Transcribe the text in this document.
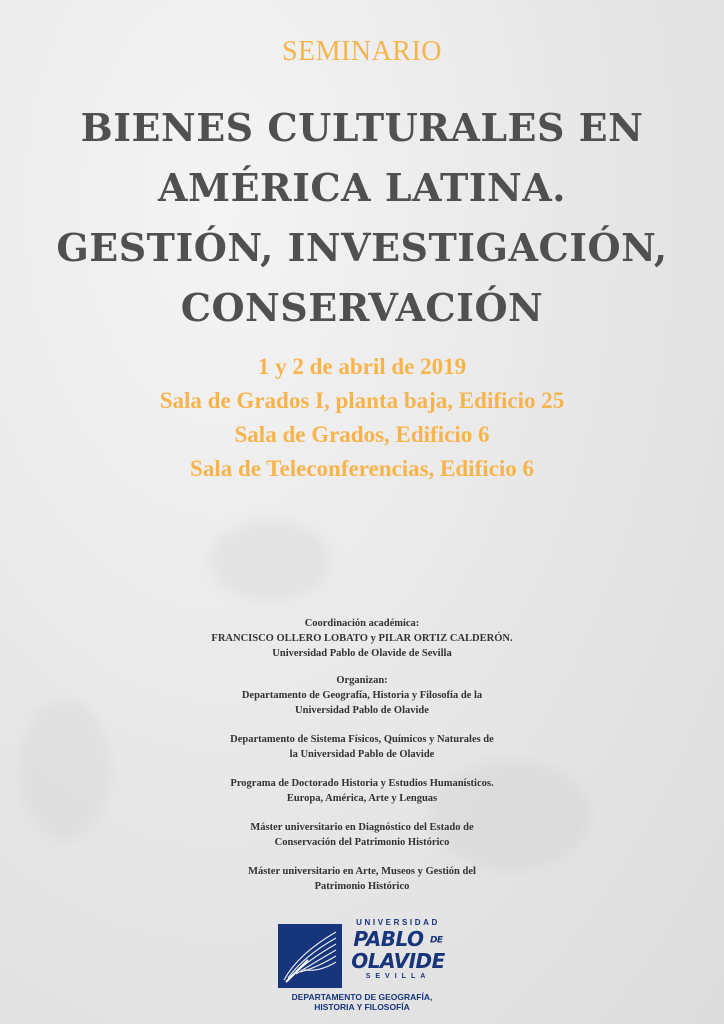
SEMINARIO
BIENES CULTURALES EN
AMÉRICA LATINA.
GESTIÓN, INVESTIGACIÓN,
CONSERVACIÓN
1 y 2 de abril de 2019
Sala de Grados I, planta baja, Edificio 25
Sala de Grados, Edificio 6
Sala de Teleconferencias, Edificio 6
Coordinación académica:
FRANCISCO OLLERO LOBATO y PILAR ORTIZ CALDERÓN.
Universidad Pablo de Olavide de Sevilla
Organizan:
Departamento de Geografía, Historia y Filosofía de la
Universidad Pablo de Olavide
Departamento de Sistema Físicos, Químicos y Naturales de
la Universidad Pablo de Olavide
Programa de Doctorado Historia y Estudios Humanísticos.
Europa, América, Arte y Lenguas
Máster universitario en Diagnóstico del Estado de
Conservación del Patrimonio Histórico
Máster universitario en Arte, Museos y Gestión del
Patrimonio Histórico
UNIVERSIDAD
PABLO DE
OLAVIDE
SEVILLA
DEPARTAMENTO DE GEOGRAFÍA,
HISTORIA Y FILOSOFÍA
